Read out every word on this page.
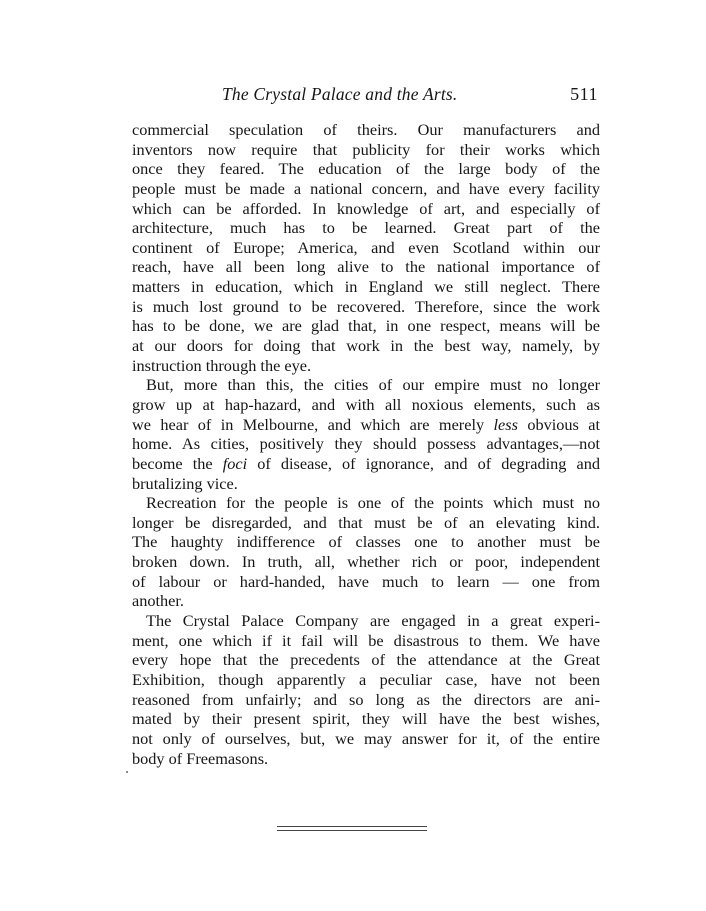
The Crystal Palace and the Arts.	511
commercial speculation of theirs. Our manufacturers and
inventors now require that publicity for their works which
once they feared. The education of the large body of the
people must be made a national concern, and have every facility
which can be afforded. In knowledge of art, and especially of
architecture, much has to be learned. Great part of the
continent of Europe; America, and even Scotland within our
reach, have all been long alive to the national importance of
matters in education, which in England we still neglect. There
is much lost ground to be recovered. Therefore, since the work
has to be done, we are glad that, in one respect, means will be
at our doors for doing that work in the best way, namely, by
instruction through the eye.
But, more than this, the cities of our empire must no longer
grow up at hap-hazard, and with all noxious elements, such as
we hear of in Melbourne, and which are merely less obvious at
home. As cities, positively they should possess advantages,—not
become the foci of disease, of ignorance, and of degrading and
brutalizing vice.
Recreation for the people is one of the points which must no
longer be disregarded, and that must be of an elevating kind.
The haughty indifference of classes one to another must be
broken down. In truth, all, whether rich or poor, independent
of labour or hard-handed, have much to learn — one from
another.
The Crystal Palace Company are engaged in a great experi-
ment, one which if it fail will be disastrous to them. We have
every hope that the precedents of the attendance at the Great
Exhibition, though apparently a peculiar case, have not been
reasoned from unfairly; and so long as the directors are ani-
mated by their present spirit, they will have the best wishes,
not only of ourselves, but, we may answer for it, of the entire
body of Freemasons.
